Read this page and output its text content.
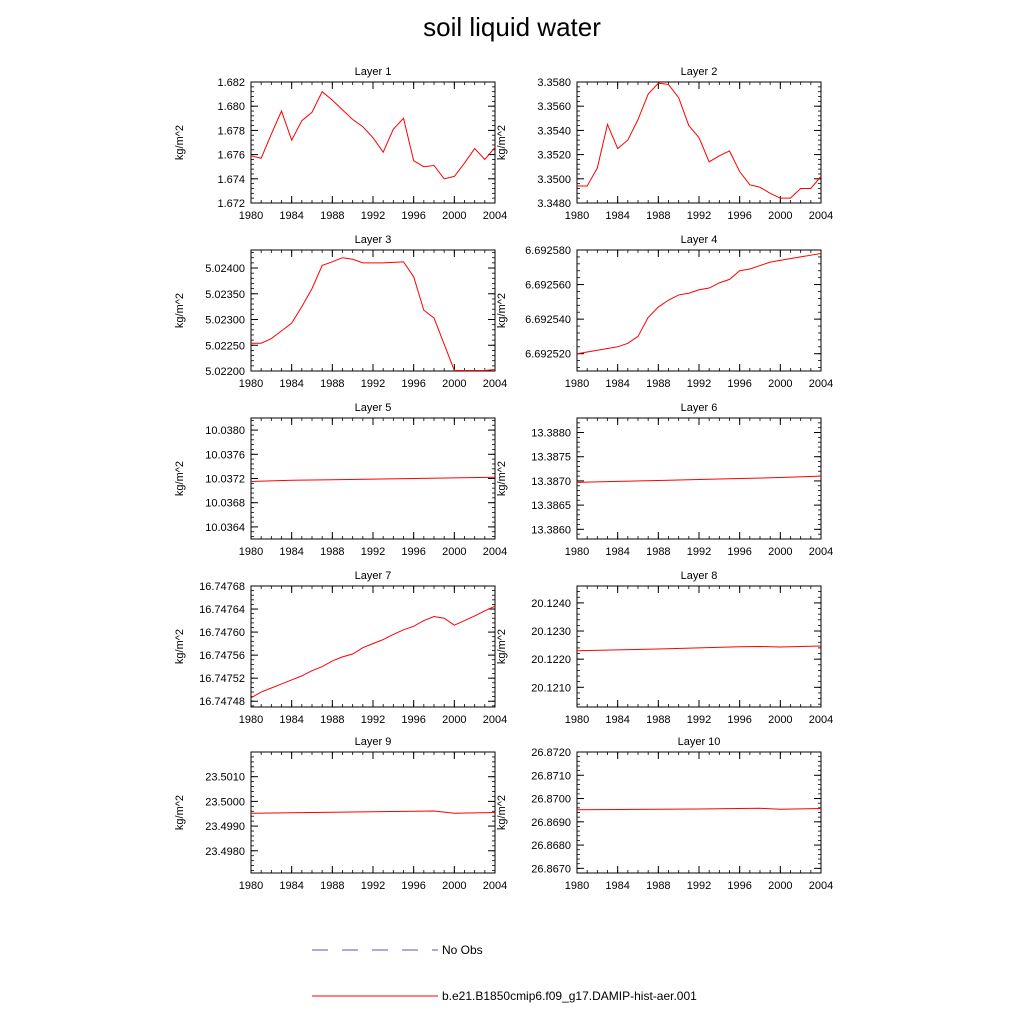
soil liquid water
Layer 1
kg/m^2
1980 1984 1988 1992 1996 2000 2004
1.672
1.674
1.676
1.678
1.680
1.682
Layer 2
kg/m^2
1980 1984 1988 1992 1996 2000 2004
3.3480
3.3500
3.3520
3.3540
3.3560
3.3580
Layer 3
kg/m^2
1980 1984 1988 1992 1996 2000 2004
5.02200
5.02250
5.02300
5.02350
5.02400
Layer 4
kg/m^2
1980 1984 1988 1992 1996 2000 2004
6.692520
6.692540
6.692560
6.692580
Layer 5
kg/m^2
1980 1984 1988 1992 1996 2000 2004
10.0364
10.0368
10.0372
10.0376
10.0380
Layer 6
kg/m^2
1980 1984 1988 1992 1996 2000 2004
13.3860
13.3865
13.3870
13.3875
13.3880
Layer 7
kg/m^2
1980 1984 1988 1992 1996 2000 2004
16.74748
16.74752
16.74756
16.74760
16.74764
16.74768
Layer 8
kg/m^2
1980 1984 1988 1992 1996 2000 2004
20.1210
20.1220
20.1230
20.1240
Layer 9
kg/m^2
1980 1984 1988 1992 1996 2000 2004
23.4980
23.4990
23.5000
23.5010
Layer 10
kg/m^2
1980 1984 1988 1992 1996 2000 2004
26.8670
26.8680
26.8690
26.8700
26.8710
26.8720
No Obs
b.e21.B1850cmip6.f09_g17.DAMIP-hist-aer.001
